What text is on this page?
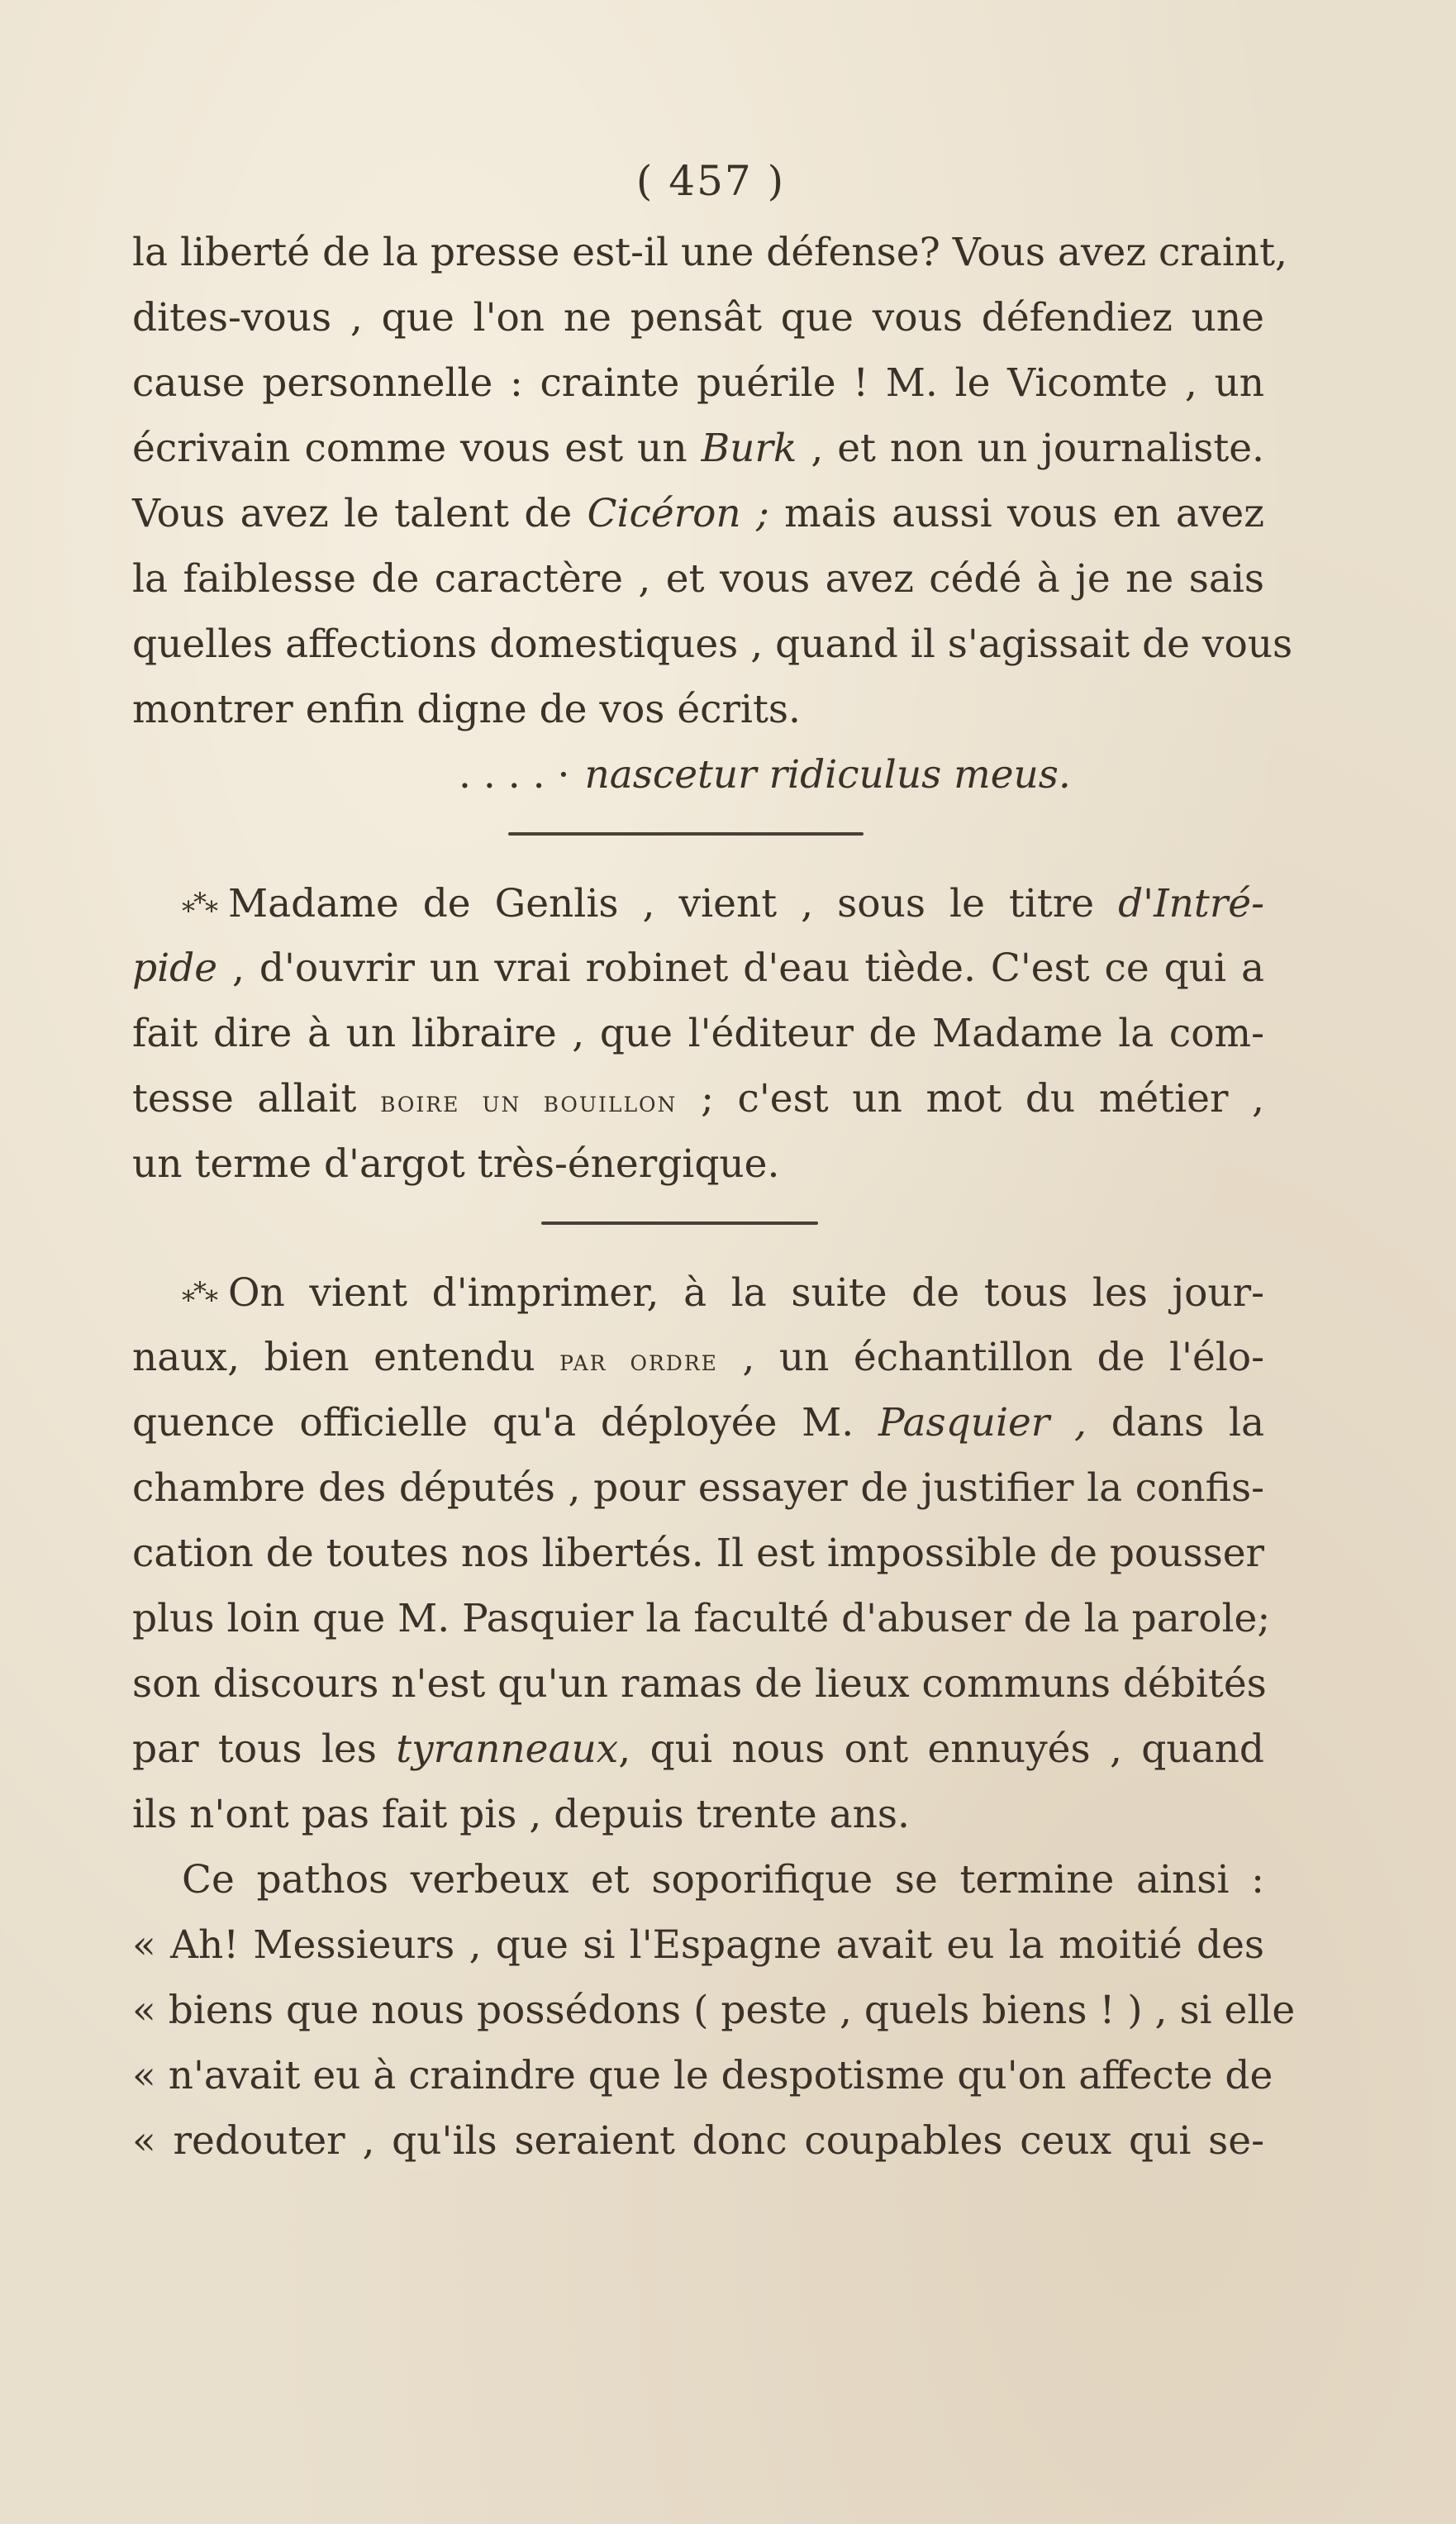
( 457 )
la liberté de la presse est-il une défense? Vous avez craint,
dites-vous , que l'on ne pensât que vous défendiez une
cause personnelle : crainte puérile ! M. le Vicomte , un
écrivain comme vous est un Burk , et non un journaliste.
Vous avez le talent de Cicéron ; mais aussi vous en avez
la faiblesse de caractère , et vous avez cédé à je ne sais
quelles affections domestiques , quand il s'agissait de vous
montrer enfin digne de vos écrits.
. . . . · nascetur ridiculus meus.
⁎*⁎ Madame de Genlis , vient , sous le titre d'Intré-
pide , d'ouvrir un vrai robinet d'eau tiède. C'est ce qui a
fait dire à un libraire , que l'éditeur de Madame la com-
tesse allait boire un bouillon ; c'est un mot du métier ,
un terme d'argot très-énergique.
⁎*⁎ On vient d'imprimer, à la suite de tous les jour-
naux, bien entendu par ordre , un échantillon de l'élo-
quence officielle qu'a déployée M. Pasquier , dans la
chambre des députés , pour essayer de justifier la confis-
cation de toutes nos libertés. Il est impossible de pousser
plus loin que M. Pasquier la faculté d'abuser de la parole;
son discours n'est qu'un ramas de lieux communs débités
par tous les tyranneaux, qui nous ont ennuyés , quand
ils n'ont pas fait pis , depuis trente ans.
Ce pathos verbeux et soporifique se termine ainsi :
« Ah! Messieurs , que si l'Espagne avait eu la moitié des
« biens que nous possédons ( peste , quels biens ! ) , si elle
« n'avait eu à craindre que le despotisme qu'on affecte de
« redouter , qu'ils seraient donc coupables ceux qui se-
